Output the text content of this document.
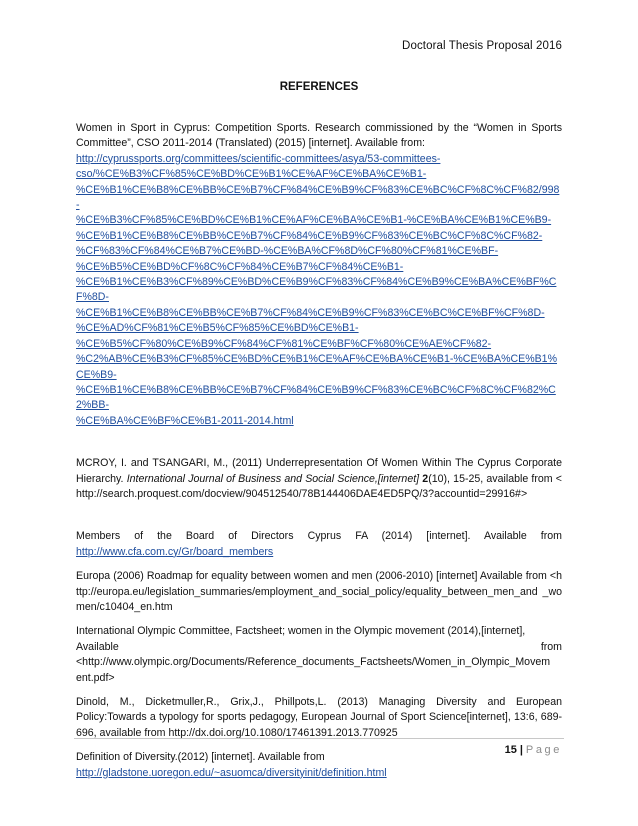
Doctoral Thesis Proposal 2016
REFERENCES

Women in Sport in Cyprus: Competition Sports. Research commissioned by the “Women in Sports Committee”, CSO 2011-2014 (Translated) (2015) [internet]. Available from:

http://cyprussports.org/committees/scientific-committees/asya/53-committees-
cso/%CE%B3%CF%85%CE%BD%CE%B1%CE%AF%CE%BA%CE%B1-
%CE%B1%CE%B8%CE%BB%CE%B7%CF%84%CE%B9%CF%83%CE%BC%CF%8C%CF%82/998-
%CE%B3%CF%85%CE%BD%CE%B1%CE%AF%CE%BA%CE%B1-%CE%BA%CE%B1%CE%B9-
%CE%B1%CE%B8%CE%BB%CE%B7%CF%84%CE%B9%CF%83%CE%BC%CF%8C%CF%82-
%CF%83%CF%84%CE%B7%CE%BD-%CE%BA%CF%8D%CF%80%CF%81%CE%BF-
%CE%B5%CE%BD%CF%8C%CF%84%CE%B7%CF%84%CE%B1-
%CE%B1%CE%B3%CF%89%CE%BD%CE%B9%CF%83%CF%84%CE%B9%CE%BA%CE%BF%CF%8D-
%CE%B1%CE%B8%CE%BB%CE%B7%CF%84%CE%B9%CF%83%CE%BC%CE%BF%CF%8D-
%CE%AD%CF%81%CE%B5%CF%85%CE%BD%CE%B1-
%CE%B5%CF%80%CE%B9%CF%84%CF%81%CE%BF%CF%80%CE%AE%CF%82-
%C2%AB%CE%B3%CF%85%CE%BD%CE%B1%CE%AF%CE%BA%CE%B1-%CE%BA%CE%B1%CE%B9-
%CE%B1%CE%B8%CE%BB%CE%B7%CF%84%CE%B9%CF%83%CE%BC%CF%8C%CF%82%C2%BB-
%CE%BA%CE%BF%CE%B1-2011-2014.html

MCROY, I. and TSANGARI, M., (2011) Underrepresentation Of Women Within The Cyprus Corporate Hierarchy. International Journal of Business and Social Science,[internet] 2(10), 15-25, available from <http://search.proquest.com/docview/904512540/78B144406DAE4ED5PQ/3?accountid=29916#>

Members of the Board of Directors Cyprus FA (2014) [internet]. Available from

http://www.cfa.com.cy/Gr/board_members

Europa (2006) Roadmap for equality between women and men (2006-2010) [internet] Available from <http://europa.eu/legislation_summaries/employment_and_social_policy/equality_between_men_and _women/c10404_en.htm

International Olympic Committee, Factsheet; women in the Olympic movement (2014),[internet],

Available	from

<http://www.olympic.org/Documents/Reference_documents_Factsheets/Women_in_Olympic_Movem

ent.pdf>

Dinold, M., Dicketmuller,R., Grix,J., Phillpots,L. (2013) Managing Diversity and European Policy:Towards a typology for sports pedagogy, European Journal of Sport Science[internet], 13:6, 689-696, available from http://dx.doi.org/10.1080/17461391.2013.770925

Definition of Diversity.(2012) [internet]. Available from

http://gladstone.uoregon.edu/~asuomca/diversityinit/definition.html
15 | Page
